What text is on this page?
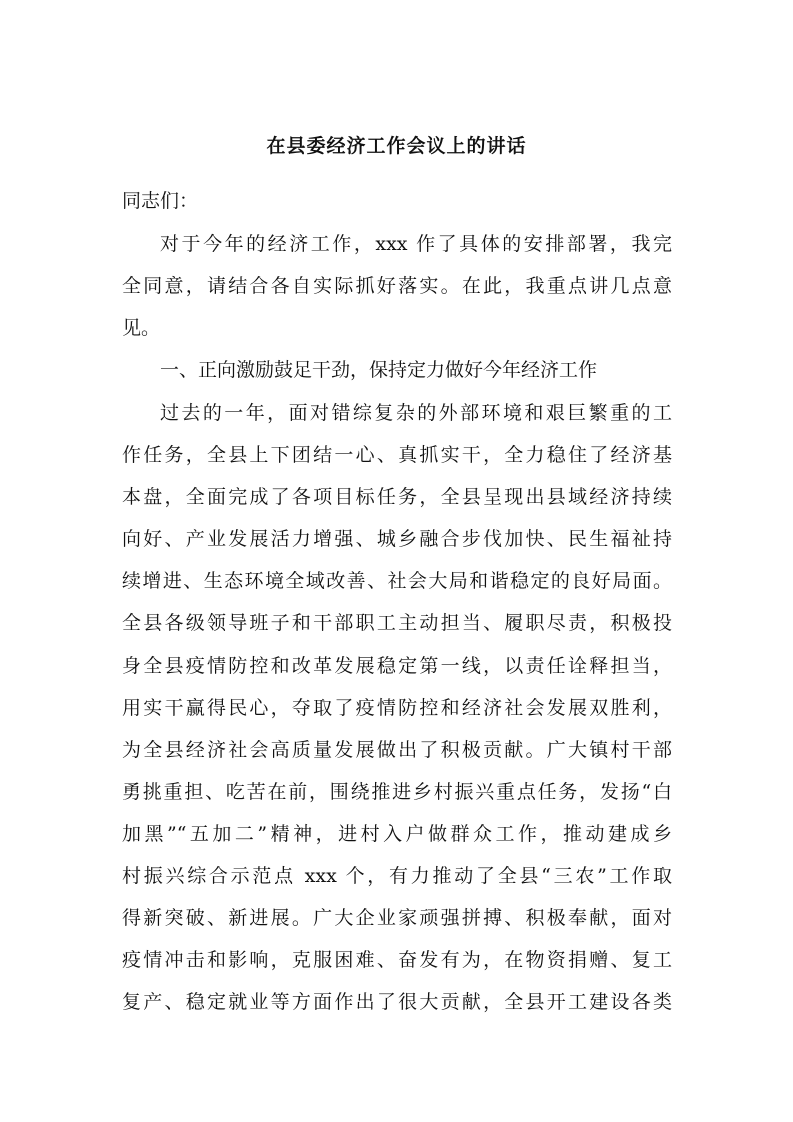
在县委经济工作会议上的讲话
同志们：
对于今年的经济工作，xxx 作了具体的安排部署，我完
全同意，请结合各自实际抓好落实。在此，我重点讲几点意
见。
一、正向激励鼓足干劲，保持定力做好今年经济工作
过去的一年，面对错综复杂的外部环境和艰巨繁重的工
作任务，全县上下团结一心、真抓实干，全力稳住了经济基
本盘，全面完成了各项目标任务，全县呈现出县域经济持续
向好、产业发展活力增强、城乡融合步伐加快、民生福祉持
续增进、生态环境全域改善、社会大局和谐稳定的良好局面。
全县各级领导班子和干部职工主动担当、履职尽责，积极投
身全县疫情防控和改革发展稳定第一线，以责任诠释担当，
用实干赢得民心，夺取了疫情防控和经济社会发展双胜利，
为全县经济社会高质量发展做出了积极贡献。广大镇村干部
勇挑重担、吃苦在前，围绕推进乡村振兴重点任务，发扬“白
加黑”“五加二”精神，进村入户做群众工作，推动建成乡
村振兴综合示范点 xxx 个，有力推动了全县“三农”工作取
得新突破、新进展。广大企业家顽强拼搏、积极奉献，面对
疫情冲击和影响，克服困难、奋发有为，在物资捐赠、复工
复产、稳定就业等方面作出了很大贡献，全县开工建设各类
